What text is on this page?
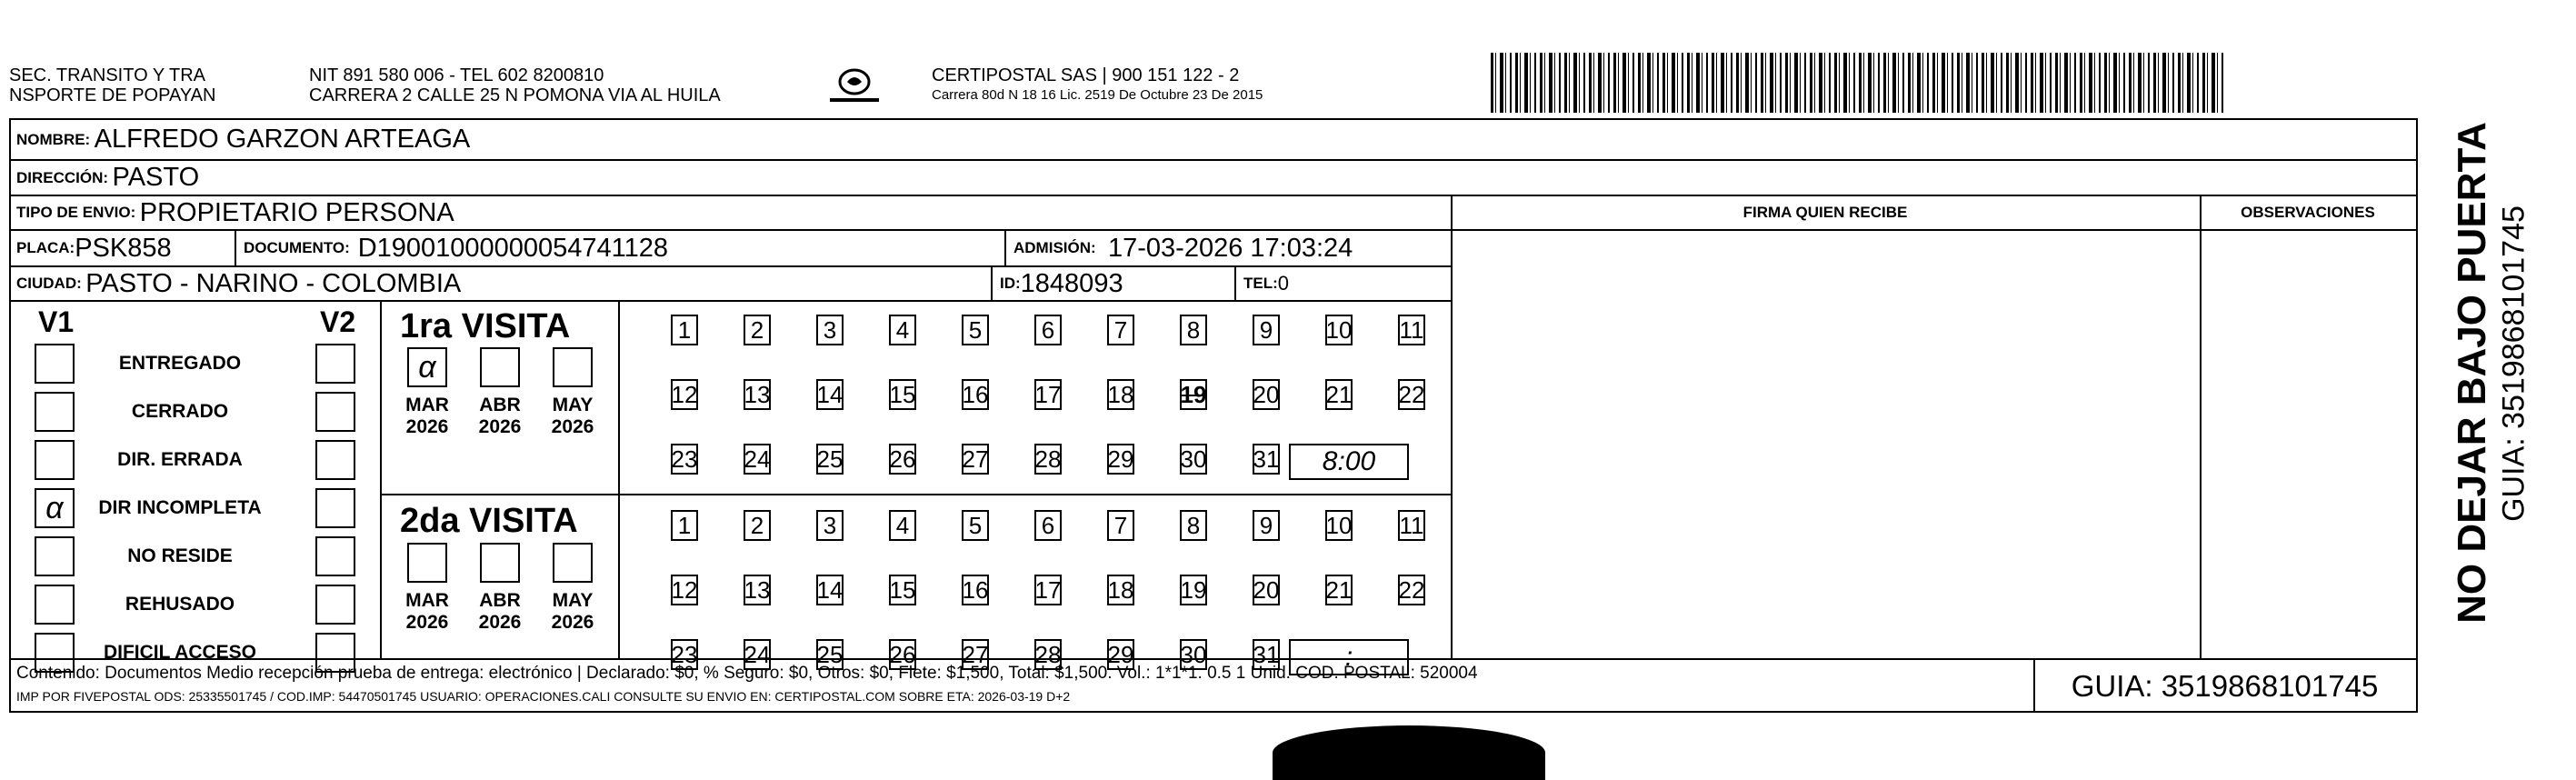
SEC. TRANSITO Y TRA
NSPORTE DE POPAYAN
NIT 891 580 006 - TEL 602 8200810
CARRERA 2 CALLE 25 N POMONA VIA AL HUILA
CERTIPOSTAL SAS | 900 151 122 - 2
Carrera 80d N 18 16 Lic. 2519 De Octubre 23 De 2015
NOMBRE:
ALFREDO GARZON ARTEAGA
DIRECCIÓN:
PASTO
TIPO DE ENVIO:
PROPIETARIO PERSONA	FIRMA QUIEN RECIBE	OBSERVACIONES
PLACA: PSK858	DOCUMENTO:
D19001000000054741128	ADMISIÓN:
17-03-2026 17:03:24
CIUDAD:
PASTO - NARINO - COLOMBIA	ID: 1848093	TEL: 0
V1	V2
ENTREGADO
CERRADO
DIR. ERRADA
α	DIR INCOMPLETA
NO RESIDE
REHUSADO
DIFICIL ACCESO
1ra VISITA
α
MAR
2026
ABR
2026
MAY
2026
1	2	3	4	5	6	7	8	9 10 11
12 13 14 15 16 17 18 19 20 21 22
23 24 25 26 27 28 29 30 31	8:00
2da VISITA
MAR
2026
ABR
2026
MAY
2026
1	2	3	4	5	6	7	8	9 10 11
12 13 14 15 16 17 18 19 20 21 22
23 24 25 26 27 28 29 30 31	:
Contenido: Documentos Medio recepción prueba de entrega: electrónico | Declarado: $0, % Seguro: $0, Otros: $0, Flete: $1,500, Total: $1,500. Vol.: 1*1*1. 0.5 1 Unid. COD. POSTAL: 520004
IMP POR FIVEPOSTAL ODS: 25335501745 / COD.IMP: 54470501745 USUARIO: OPERACIONES.CALI CONSULTE SU ENVIO EN: CERTIPOSTAL.COM SOBRE ETA: 2026-03-19 D+2	GUIA: 3519868101745
NO DEJAR BAJO PUERTA GUIA: 3519868101745
